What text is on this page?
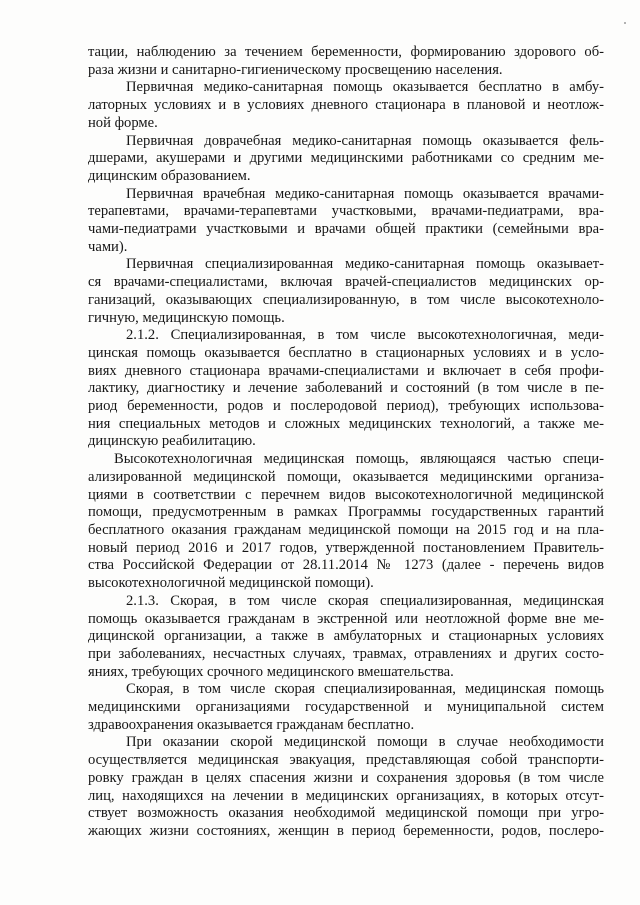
тации, наблюдению за течением беременности, формированию здорового об-
раза жизни и санитарно-гигиеническому просвещению населения.
Первичная медико-санитарная помощь оказывается бесплатно в амбу-
латорных условиях и в условиях дневного стационара в плановой и неотлож-
ной форме.
Первичная доврачебная медико-санитарная помощь оказывается фель-
дшерами, акушерами и другими медицинскими работниками со средним ме-
дицинским образованием.
Первичная врачебная медико-санитарная помощь оказывается врачами-
терапевтами, врачами-терапевтами участковыми, врачами-педиатрами, вра-
чами-педиатрами участковыми и врачами общей практики (семейными вра-
чами).
Первичная специализированная медико-санитарная помощь оказывает-
ся врачами-специалистами, включая врачей-специалистов медицинских ор-
ганизаций, оказывающих специализированную, в том числе высокотехноло-
гичную, медицинскую помощь.
2.1.2. Специализированная, в том числе высокотехнологичная, меди-
цинская помощь оказывается бесплатно в стационарных условиях и в усло-
виях дневного стационара врачами-специалистами и включает в себя профи-
лактику, диагностику и лечение заболеваний и состояний (в том числе в пе-
риод беременности, родов и послеродовой период), требующих использова-
ния специальных методов и сложных медицинских технологий, а также ме-
дицинскую реабилитацию.
Высокотехнологичная медицинская помощь, являющаяся частью специ-
ализированной медицинской помощи, оказывается медицинскими организа-
циями в соответствии с перечнем видов высокотехнологичной медицинской
помощи, предусмотренным в рамках Программы государственных гарантий
бесплатного оказания гражданам медицинской помощи на 2015 год и на пла-
новый период 2016 и 2017 годов, утвержденной постановлением Правитель-
ства Российской Федерации от 28.11.2014 № 1273 (далее - перечень видов
высокотехнологичной медицинской помощи).
2.1.3. Скорая, в том числе скорая специализированная, медицинская
помощь оказывается гражданам в экстренной или неотложной форме вне ме-
дицинской организации, а также в амбулаторных и стационарных условиях
при заболеваниях, несчастных случаях, травмах, отравлениях и других состо-
яниях, требующих срочного медицинского вмешательства.
Скорая, в том числе скорая специализированная, медицинская помощь
медицинскими организациями государственной и муниципальной систем
здравоохранения оказывается гражданам бесплатно.
При оказании скорой медицинской помощи в случае необходимости
осуществляется медицинская эвакуация, представляющая собой транспорти-
ровку граждан в целях спасения жизни и сохранения здоровья (в том числе
лиц, находящихся на лечении в медицинских организациях, в которых отсут-
ствует возможность оказания необходимой медицинской помощи при угро-
жающих жизни состояниях, женщин в период беременности, родов, послеро-
